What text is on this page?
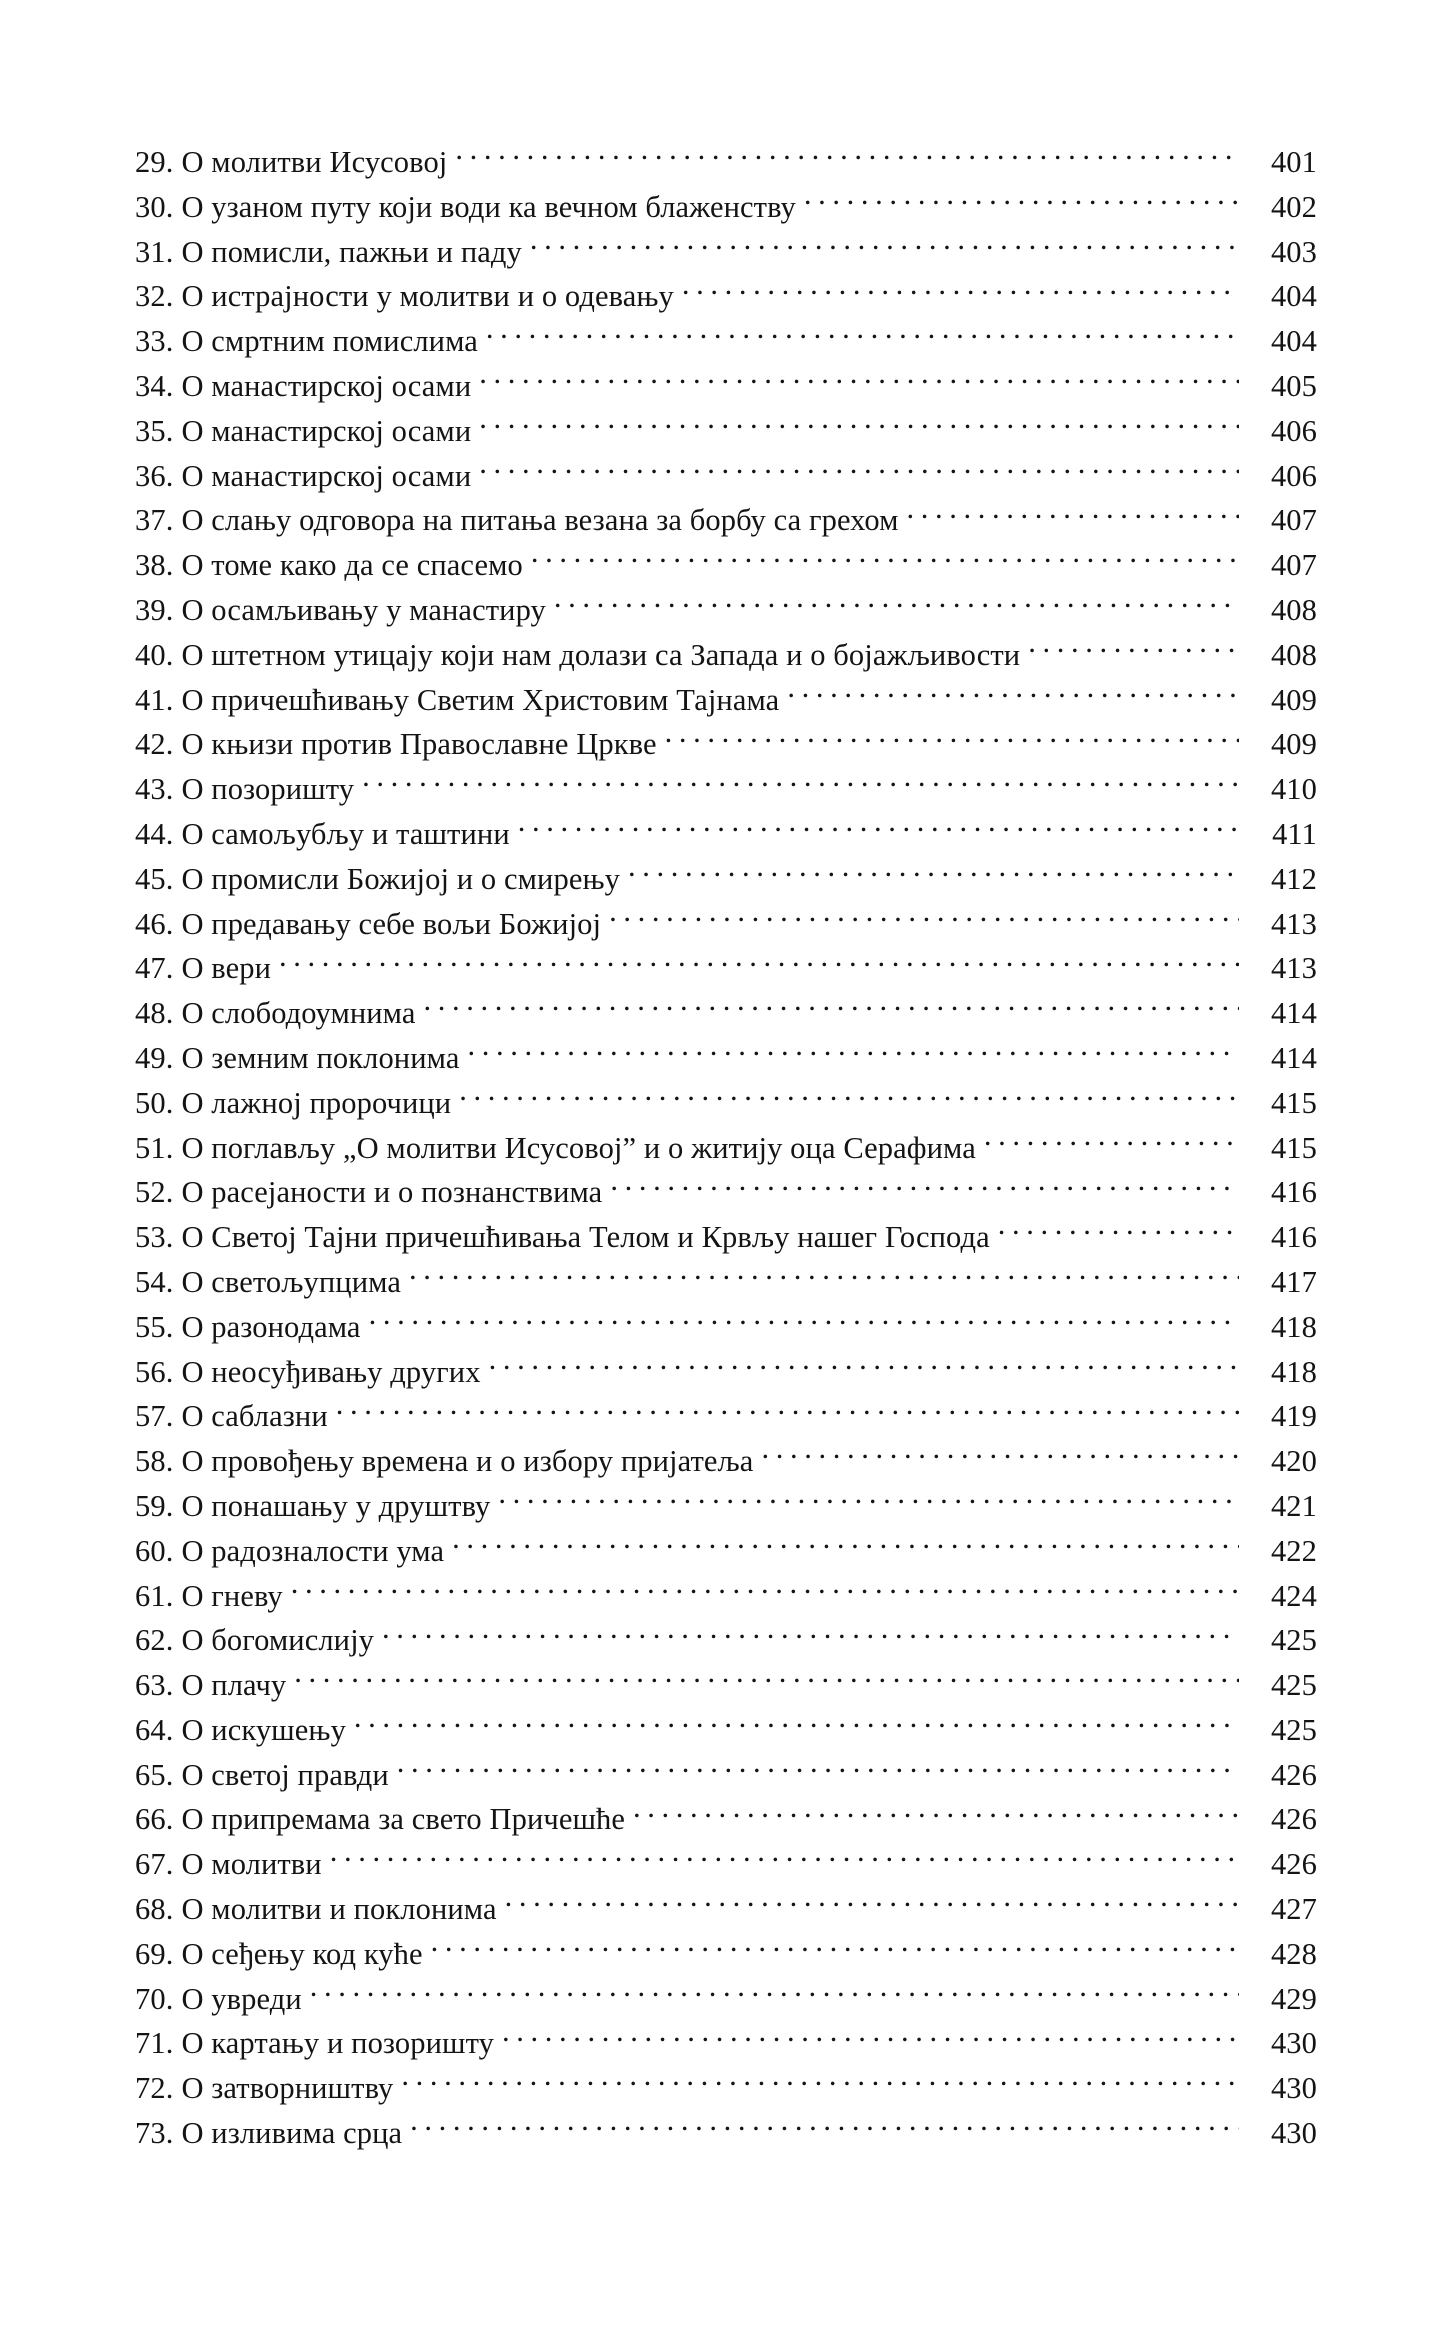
29. О молитви Исусовој . . .	401
30. О узаном путу који води ка вечном блаженству . . .	402
31. О помисли, пажњи и паду . . .	403
32. О истрајности у молитви и о одевању . . .	404
33. О смртним помислима . . .	404
34. О манастирској осами . . .	405
35. О манастирској осами . . .	406
36. О манастирској осами . . .	406
37. О слању одговора на питања везана за борбу са грехом . . .	407
38. О томе како да се спасемо . . .	407
39. О осамљивању у манастиру . . .	408
40. О штетном утицају који нам долази са Запада и о бојажљивости . . .	408
41. О причешћивању Светим Христовим Тајнама . . .	409
42. О књизи против Православне Цркве . . .	409
43. О позоришту . . .	410
44. О самољубљу и таштини . . .	411
45. О промисли Божијој и о смирењу . . .	412
46. О предавању себе вољи Божијој . . .	413
47. О вери . . .	413
48. О слободоумнима . . .	414
49. О земним поклонима . . .	414
50. О лажној пророчици . . .	415
51. О поглављу „О молитви Исусовој” и о житију оца Серафима . . .	415
52. О расејаности и о познанствима . . .	416
53. О Светој Тајни причешћивања Телом и Крвљу нашег Господа . . .	416
54. О светољупцима . . .	417
55. О разонодама . . .	418
56. О неосуђивању других . . .	418
57. О саблазни . . .	419
58. О провођењу времена и о избору пријатеља . . .	420
59. О понашању у друштву . . .	421
60. О радозналости ума . . .	422
61. О гневу . . .	424
62. О богомислију . . .	425
63. О плачу . . .	425
64. О искушењу . . .	425
65. О светој правди . . .	426
66. О припремама за свето Причешће . . .	426
67. О молитви . . .	426
68. О молитви и поклонима . . .	427
69. О сеђењу код куће . . .	428
70. О увреди . . .	429
71. О картању и позоришту . . .	430
72. О затворништву . . .	430
73. О изливима срца . . .	430
